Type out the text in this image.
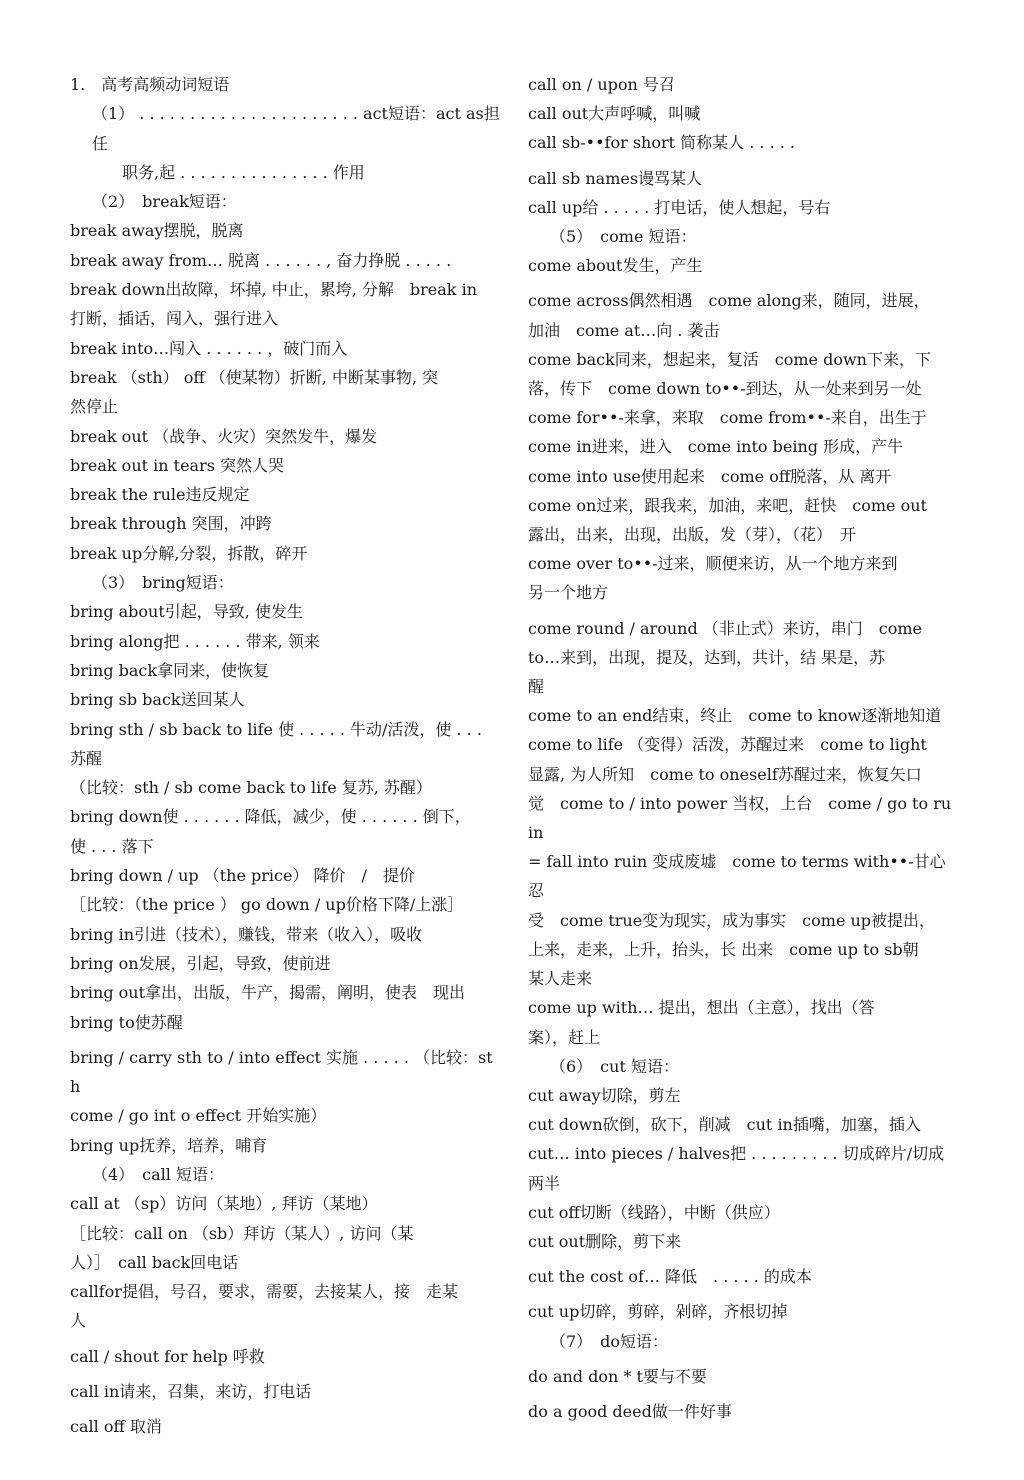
1.　高考高频动词短语
（1） . . . . . . . . . . . . . . . . . . . . . . act短语：act as担任
职务,起 . . . . . . . . . . . . . . . 作用
（2）　break短语：
break away摆脱，脱离
break away from… 脱离 . . . . . . , 奋力挣脱 . . . . .
break down出故障，坏掉, 中止，累垮, 分解　break in
打断，插话，闯入，强行进入
break into…闯入 . . . . . . ，破门而入
break （sth） off （使某物）折断, 中断某事物, 突
然停止
break out （战争、火灾）突然发牛，爆发
break out in tears 突然人哭
break the rule违反规定
break through 突围，冲跨
break up分解,分裂，拆散，碎开
（3）　bring短语：
bring about引起，导致, 使发生
bring along把 . . . . . . 带来, 领来
bring back拿同来，使恢复
bring sb back送回某人
bring sth / sb back to life 使 . . . . . 牛动/活泼，使 . . .
苏醒
（比较：sth / sb come back to life 复苏, 苏醒）
bring down使 . . . . . . 降低，减少，使 . . . . . . 倒下，
使 . . . 落下
bring down / up （the price） 降价　/　提价
［比较：（the price ） go down / up价格下降/上涨］
bring in引进（技术），赚钱，带来（收入），吸收
bring on发展，引起，导致，使前进
bring out拿出，出版，牛产，揭需，阐明，使表　现出
bring to使苏醒
bring / carry sth to / into effect 实施 . . . . . （比较：sth
come / go int o effect 开始实施）
bring up抚养，培养，哺育
（4）　call 短语：
call at （sp）访问（某地）, 拜访（某地）
［比较：call on （sb）拜访（某人）, 访问（某
人）］　call back回电话
callfor提倡，号召，要求，需要，去接某人，接　走某
人
call / shout for help 呼救
call in请来，召集，来访，打电话
call off 取消
call on / upon 号召
call out大声呼喊，叫喊
call sb-••for short 简称某人 . . . . .
call sb names谩骂某人
call up给 . . . . . 打电话，使人想起，号右
（5）　come 短语：
come about发生，产生
come across偶然相遇　come along来，随同，进展，
加油　come at…向 . 袭击
come back同来，想起来，复活　come down下来，下
落，传下　come down to••-到达，从一处来到另一处
come for••-来拿，来取　come from••-来自，出生于
come in进来，进入　come into being 形成，产牛
come into use使用起来　come off脱落，从 离开
come on过来，跟我来，加油，来吧，赶快　come out
露出，出来，出现，出版，发（芽），（花）　开
come over to••-过来，顺便来访，从一个地方来到
另一个地方
come round / around （非止式）来访，串门　come
to…来到，出现，提及，达到，共计，结 果是，苏
醒
come to an end结束，终止　come to know逐渐地知道
come to life （变得）活泼，苏醒过来　come to light
显露, 为人所知　come to oneself苏醒过来，恢复矢口
觉　come to / into power 当权，上台　come / go to ruin
= fall into ruin 变成废墟　come to terms with••-甘心忍
受　come true变为现实，成为事实　come up被提出，
上来，走来，上升，抬头，长 出来　come up to sb朝
某人走来
come up with… 提出，想出（主意），找出（答
案），赶上
（6）　cut 短语：
cut away切除，剪左
cut down砍倒，砍下，削减　cut in插嘴，加塞，插入
cut… into pieces / halves把 . . . . . . . . . 切成碎片/切成
两半
cut off切断（线路），中断（供应）
cut out删除，剪下来
cut the cost of… 降低　. . . . . 的成本
cut up切碎，剪碎，剁碎，齐根切掉
（7）　do短语：
do and don * t要与不要
do a good deed做一件好事
